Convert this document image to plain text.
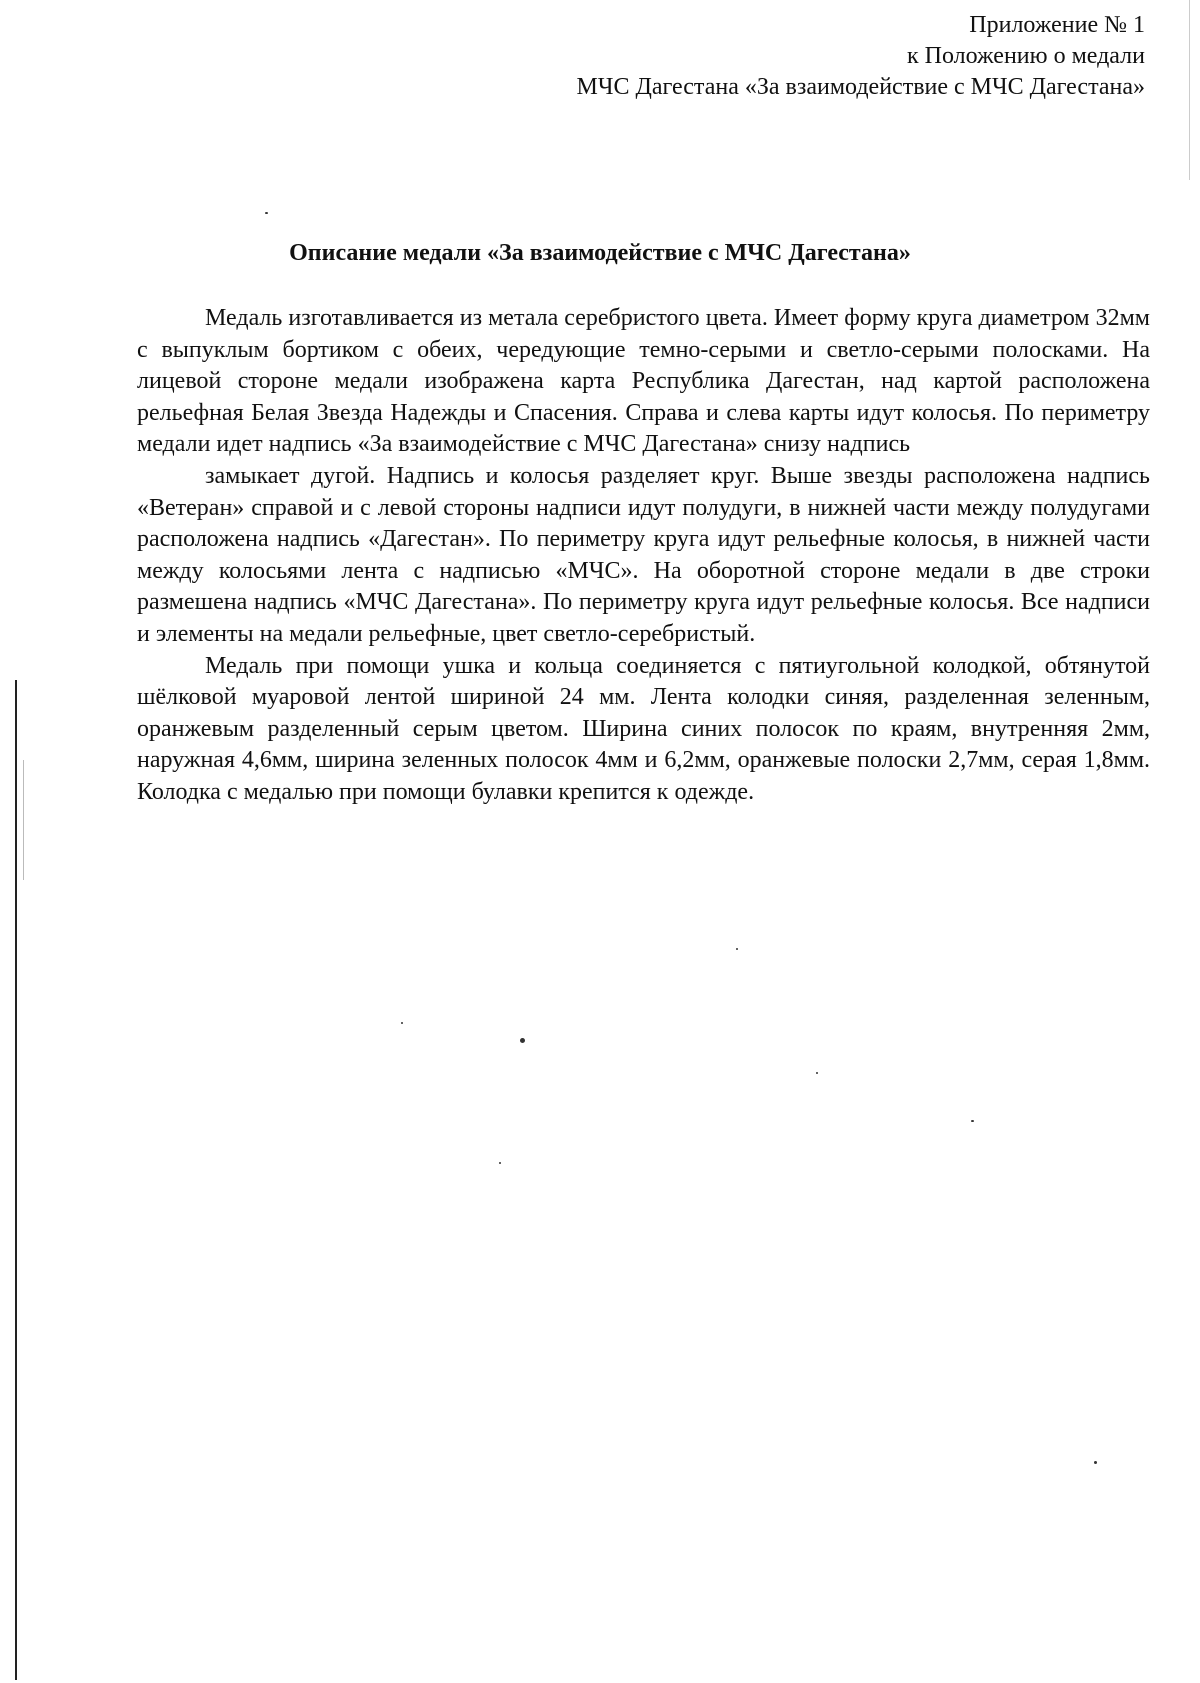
Приложение № 1
к Положению о медали
МЧС Дагестана «За взаимодействие с МЧС Дагестана»
Описание медали «За взаимодействие с МЧС Дагестана»

Медаль изготавливается из метала серебристого цвета. Имеет форму круга диаметром 32мм с выпуклым бортиком с обеих, чередующие темно-серыми и светло-серыми полосками. На лицевой стороне медали изображена карта Республика Дагестан, над картой расположена рельефная Белая Звезда Надежды и Спасения. Справа и слева карты идут колосья. По периметру медали идет надпись «За взаимодействие с МЧС Дагестана» снизу надпись

замыкает дугой. Надпись и колосья разделяет круг. Выше звезды расположена надпись «Ветеран» справой и с левой стороны надписи идут полудуги, в нижней части между полудугами расположена надпись «Дагестан». По периметру круга идут рельефные колосья, в нижней части между колосьями лента с надписью «МЧС». На оборотной стороне медали в две строки размешена надпись «МЧС Дагестана». По периметру круга идут рельефные колосья. Все надписи и элементы на медали рельефные, цвет светло-серебристый.

Медаль при помощи ушка и кольца соединяется с пятиугольной колодкой, обтянутой шёлковой муаровой лентой шириной 24 мм. Лента колодки синяя, разделенная зеленным, оранжевым разделенный серым цветом. Ширина синих полосок по краям, внутренняя 2мм, наружная 4,6мм, ширина зеленных полосок 4мм и 6,2мм, оранжевые полоски 2,7мм, серая 1,8мм. Колодка с медалью при помощи булавки крепится к одежде.
